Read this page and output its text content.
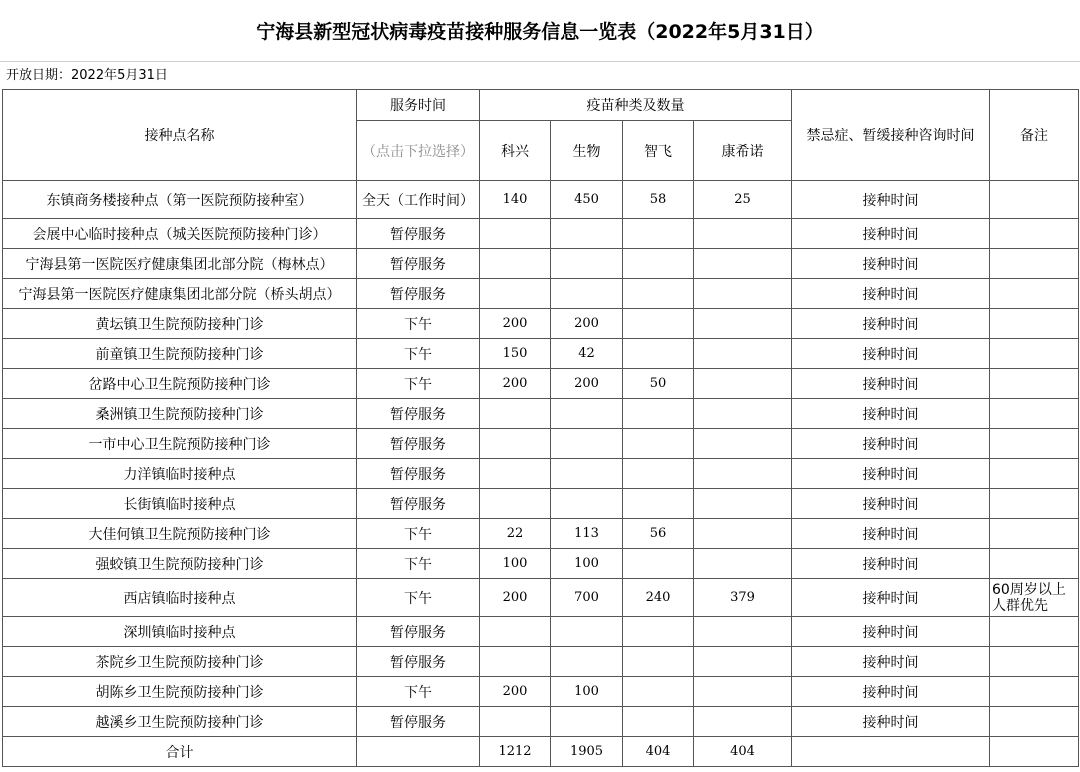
宁海县新型冠状病毒疫苗接种服务信息一览表（2022年5月31日）
开放日期：2022年5月31日
接种点名称	服务时间	疫苗种类及数量				禁忌症、暂缓接种咨询时间	备注
	（点击下拉选择）	科兴	生物	智飞	康希诺		
东镇商务楼接种点（第一医院预防接种室）	全天（工作时间）	140	450	58	25	接种时间	
会展中心临时接种点（城关医院预防接种门诊）	暂停服务					接种时间	
宁海县第一医院医疗健康集团北部分院（梅林点）	暂停服务					接种时间	
宁海县第一医院医疗健康集团北部分院（桥头胡点）	暂停服务					接种时间	
黄坛镇卫生院预防接种门诊	下午	200	200			接种时间	
前童镇卫生院预防接种门诊	下午	150	42			接种时间	
岔路中心卫生院预防接种门诊	下午	200	200	50		接种时间	
桑洲镇卫生院预防接种门诊	暂停服务					接种时间	
一市中心卫生院预防接种门诊	暂停服务					接种时间	
力洋镇临时接种点	暂停服务					接种时间	
长街镇临时接种点	暂停服务					接种时间	
大佳何镇卫生院预防接种门诊	下午	22	113	56		接种时间	
强蛟镇卫生院预防接种门诊	下午	100	100			接种时间	
西店镇临时接种点	下午	200	700	240	379	接种时间	60周岁以上人群优先
深圳镇临时接种点	暂停服务					接种时间	
茶院乡卫生院预防接种门诊	暂停服务					接种时间	
胡陈乡卫生院预防接种门诊	下午	200	100			接种时间	
越溪乡卫生院预防接种门诊	暂停服务					接种时间	
合计		1212	1905	404	404		
